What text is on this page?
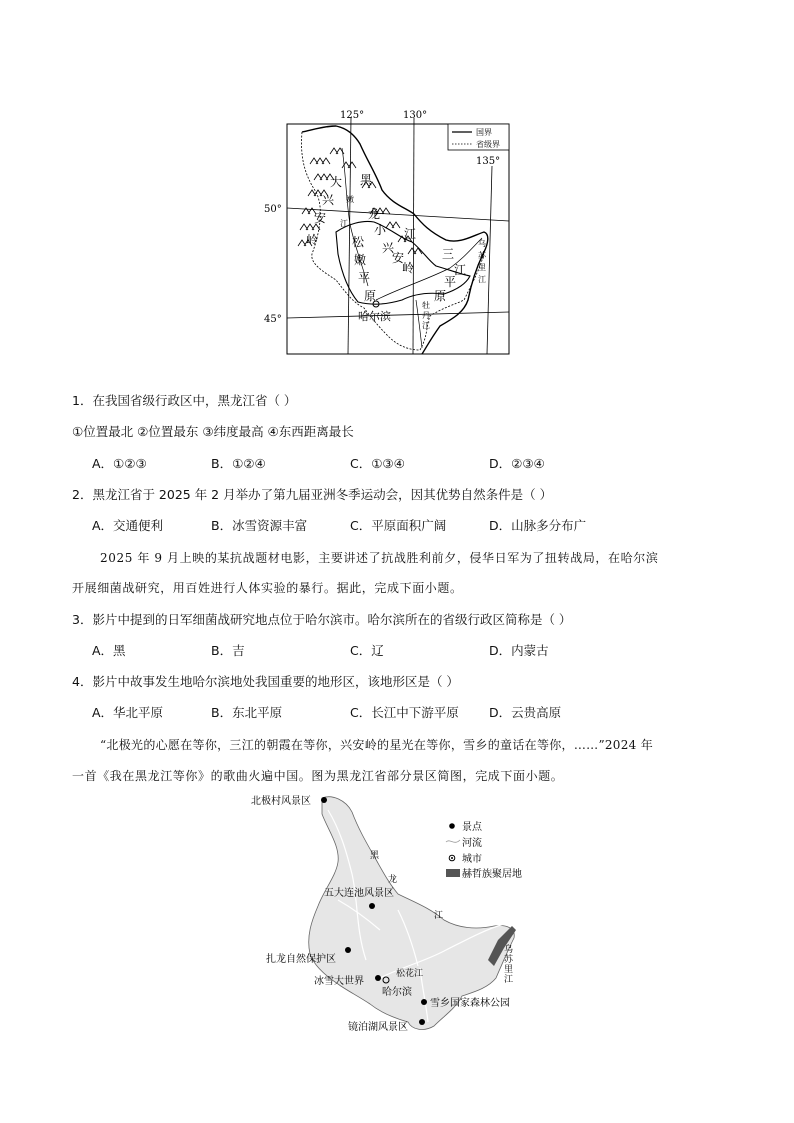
125°	130°
135°
50°
45°
国界
省级界
大
兴
安
岭
黑
龙
江
嫩
江 小
兴
安
岭
松
嫩
平
原
三
江
平
原
哈尔滨
乌
苏
里
江
牡
丹
江
1．在我国省级行政区中，黑龙江省（ ）
①位置最北 ②位置最东 ③纬度最高 ④东西距离最长
A．①②③	B．①②④	C．①③④	D．②③④
2．黑龙江省于 2025 年 2 月举办了第九届亚洲冬季运动会，因其优势自然条件是（ ）
A．交通便利	B．冰雪资源丰富	C．平原面积广阔	D．山脉多分布广
2025 年 9 月上映的某抗战题材电影，主要讲述了抗战胜利前夕，侵华日军为了扭转战局，在哈尔滨
开展细菌战研究，用百姓进行人体实验的暴行。据此，完成下面小题。
3．影片中提到的日军细菌战研究地点位于哈尔滨市。哈尔滨所在的省级行政区简称是（ ）
A．黑	B．吉	C．辽	D．内蒙古
4．影片中故事发生地哈尔滨地处我国重要的地形区，该地形区是（ ）
A．华北平原	B．东北平原	C．长江中下游平原 D．云贵高原
“北极光的心愿在等你，三江的朝霞在等你，兴安岭的星光在等你，雪乡的童话在等你，……”2024 年
一首《我在黑龙江等你》的歌曲火遍中国。图为黑龙江省部分景区简图，完成下面小题。
景点
河流
城市
赫哲族聚居地
北极村风景区
五大连池风景区
扎龙自然保护区
冰雪大世界
哈尔滨
雪乡国家森林公园
镜泊湖风景区
黑
龙
江
松花江
乌
苏
里
江
